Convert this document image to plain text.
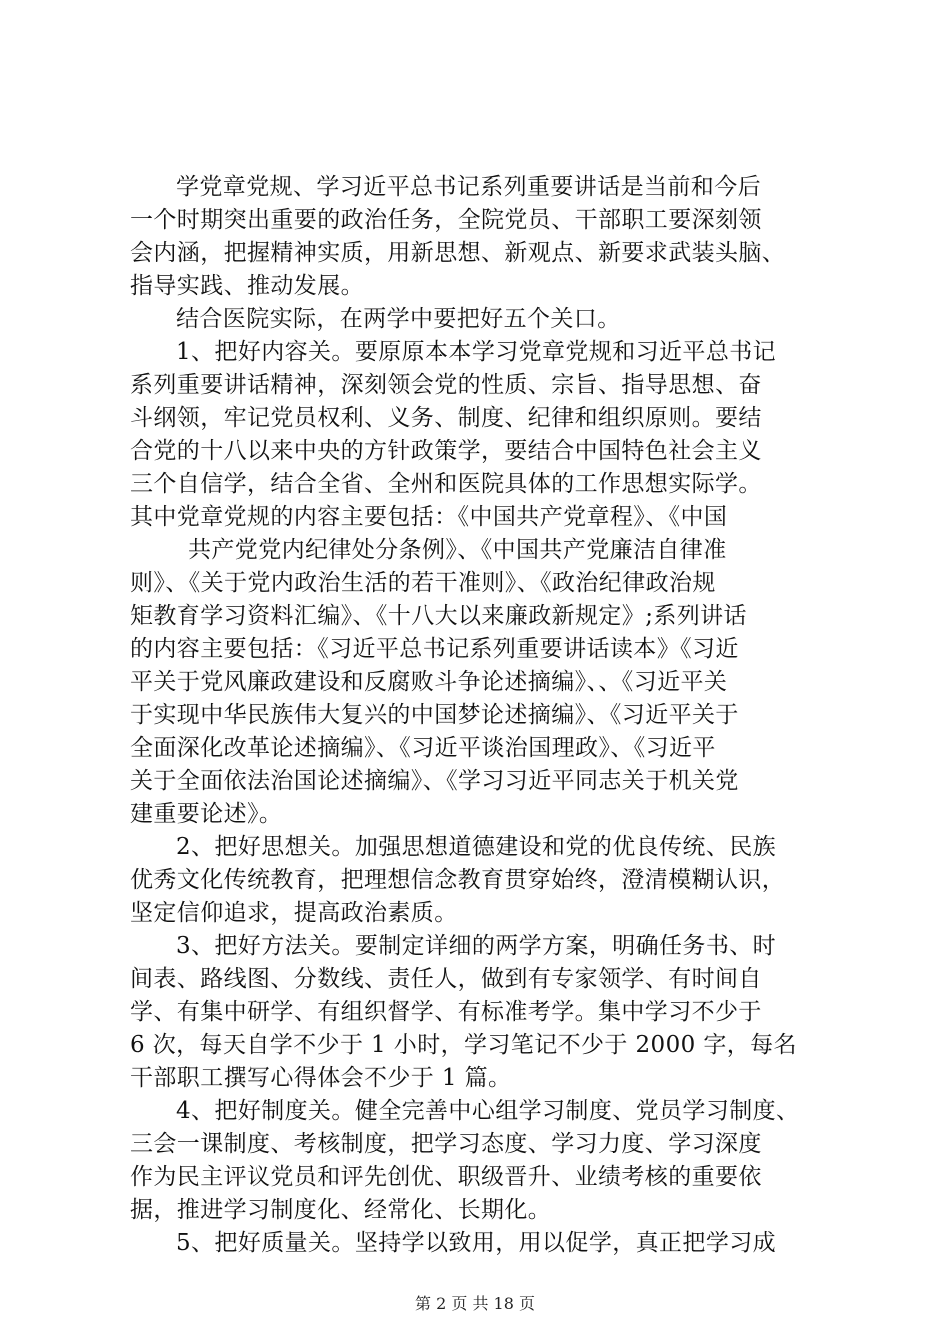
学党章党规、学习近平总书记系列重要讲话是当前和今后
一个时期突出重要的政治任务，全院党员、干部职工要深刻领
会内涵，把握精神实质，用新思想、新观点、新要求武装头脑、
指导实践、推动发展。
结合医院实际，在两学中要把好五个关口。
1、把好内容关。要原原本本学习党章党规和习近平总书记
系列重要讲话精神，深刻领会党的性质、宗旨、指导思想、奋
斗纲领，牢记党员权利、义务、制度、纪律和组织原则。要结
合党的十八以来中央的方针政策学，要结合中国特色社会主义
三个自信学，结合全省、全州和医院具体的工作思想实际学。
其中党章党规的内容主要包括：《中国共产党章程》、《中国
共产党党内纪律处分条例》、《中国共产党廉洁自律准
则》、《关于党内政治生活的若干准则》、《政治纪律政治规
矩教育学习资料汇编》、《十八大以来廉政新规定》;系列讲话
的内容主要包括：《习近平总书记系列重要讲话读本》《习近
平关于党风廉政建设和反腐败斗争论述摘编》、、《习近平关
于实现中华民族伟大复兴的中国梦论述摘编》、《习近平关于
全面深化改革论述摘编》、《习近平谈治国理政》、《习近平
关于全面依法治国论述摘编》、《学习习近平同志关于机关党
建重要论述》。
2、把好思想关。加强思想道德建设和党的优良传统、民族
优秀文化传统教育，把理想信念教育贯穿始终，澄清模糊认识，
坚定信仰追求，提高政治素质。
3、把好方法关。要制定详细的两学方案，明确任务书、时
间表、路线图、分数线、责任人，做到有专家领学、有时间自
学、有集中研学、有组织督学、有标准考学。集中学习不少于
6 次，每天自学不少于 1 小时，学习笔记不少于 2000 字，每名
干部职工撰写心得体会不少于 1 篇。
4、把好制度关。健全完善中心组学习制度、党员学习制度、
三会一课制度、考核制度，把学习态度、学习力度、学习深度
作为民主评议党员和评先创优、职级晋升、业绩考核的重要依
据，推进学习制度化、经常化、长期化。
5、把好质量关。坚持学以致用，用以促学，真正把学习成
第 2 页 共 18 页
